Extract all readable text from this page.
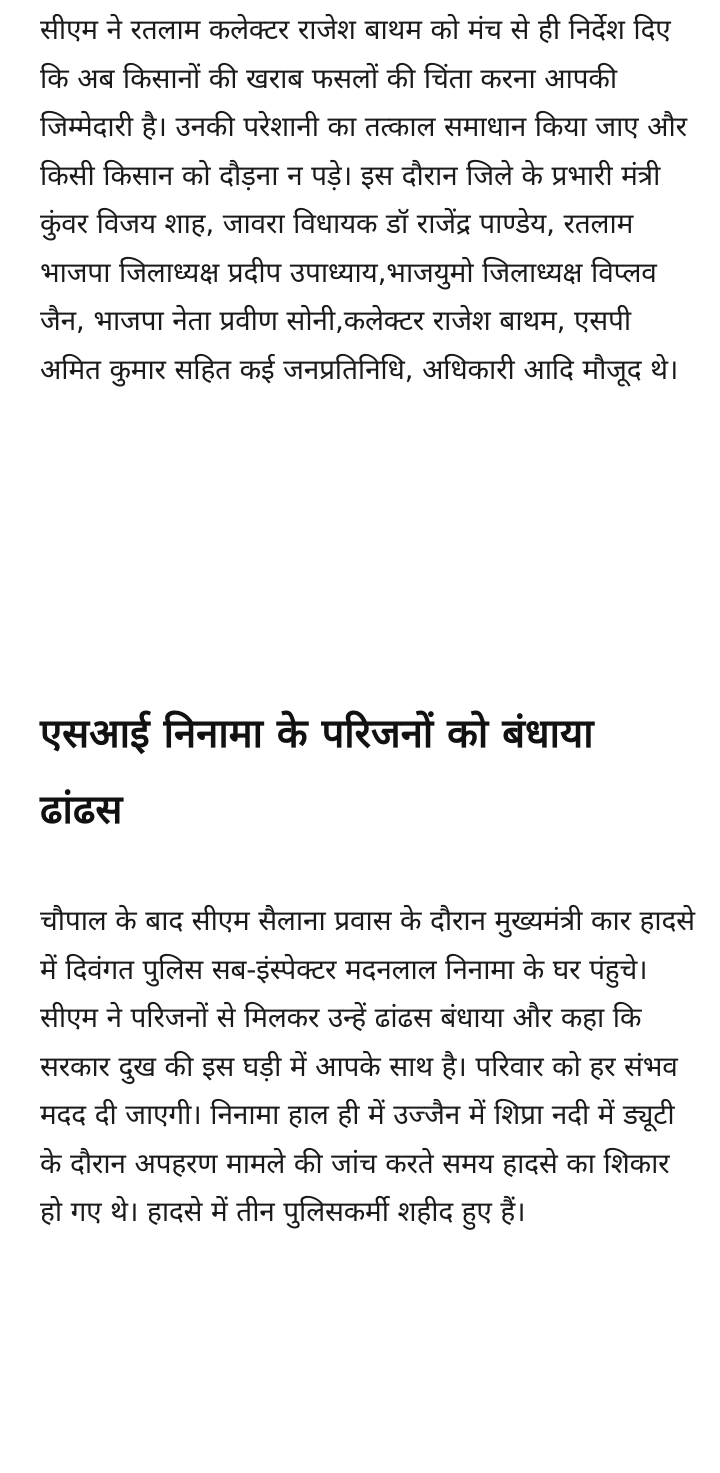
सीएम ने रतलाम कलेक्टर राजेश बाथम को मंच से ही निर्देश दिए कि अब किसानों की खराब फसलों की चिंता करना आपकी जिम्मेदारी है। उनकी परेशानी का तत्काल समाधान किया जाए और किसी किसान को दौड़ना न पड़े। इस दौरान जिले के प्रभारी मंत्री कुंवर विजय शाह, जावरा विधायक डॉ राजेंद्र पाण्डेय, रतलाम भाजपा जिलाध्यक्ष प्रदीप उपाध्याय,भाजयुमो जिलाध्यक्ष विप्लव जैन, भाजपा नेता प्रवीण सोनी,कलेक्टर राजेश बाथम, एसपी अमित कुमार सहित कई जनप्रतिनिधि, अधिकारी आदि मौजूद थे।

एसआई निनामा के परिजनों को बंधाया ढांढस

चौपाल के बाद सीएम सैलाना प्रवास के दौरान मुख्यमंत्री कार हादसे में दिवंगत पुलिस सब-इंस्पेक्टर मदनलाल निनामा के घर पंहुचे। सीएम ने परिजनों से मिलकर उन्हें ढांढस बंधाया और कहा कि सरकार दुख की इस घड़ी में आपके साथ है। परिवार को हर संभव मदद दी जाएगी। निनामा हाल ही में उज्जैन में शिप्रा नदी में ड्यूटी के दौरान अपहरण मामले की जांच करते समय हादसे का शिकार हो गए थे। हादसे में तीन पुलिसकर्मी शहीद हुए हैं।
